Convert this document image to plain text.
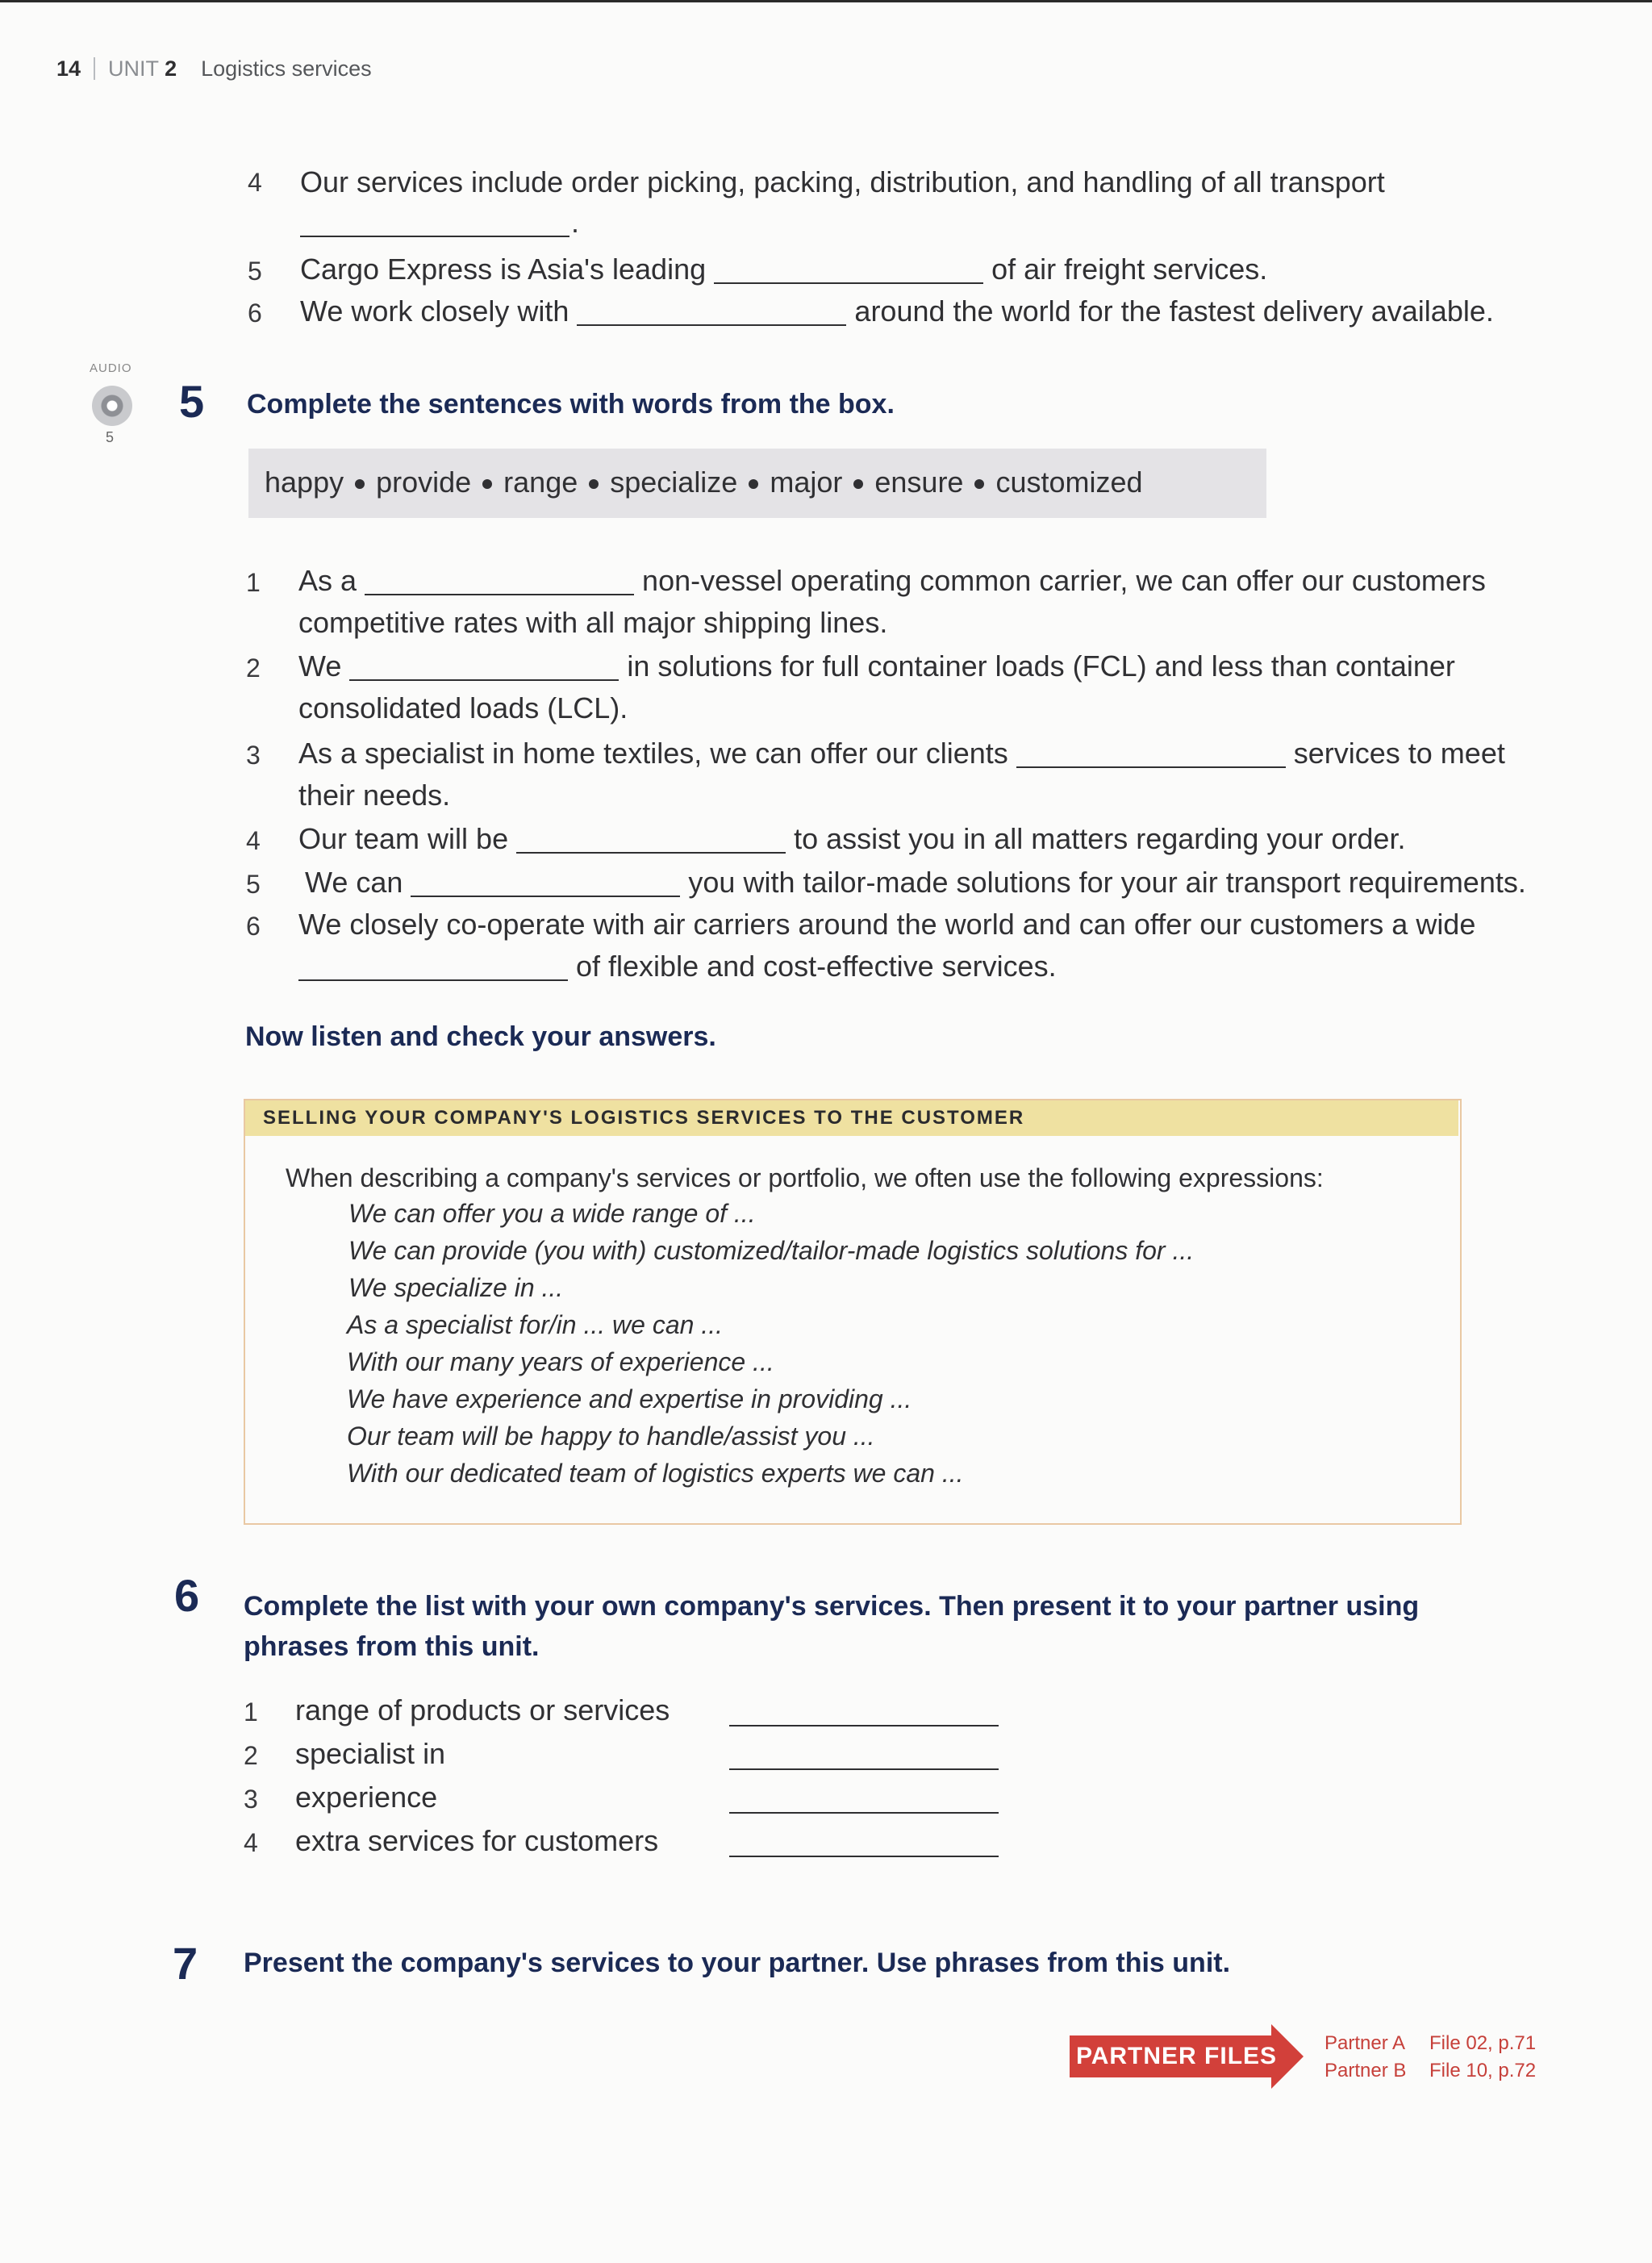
14 UNIT 2 Logistics services
4 Our services include order picking, packing, distribution, and handling of all transport
.
5 Cargo Express is Asia's leading	of air freight services.
6 We work closely with	around the world for the fastest delivery available.
AUDIO
5
5 Complete the sentences with words from the box.
happy provide range specialize major ensure customized
1 As a	non-vessel operating common carrier, we can offer our customers
competitive rates with all major shipping lines.
2 We	in solutions for full container loads (FCL) and less than container
consolidated loads (LCL).
3 As a specialist in home textiles, we can offer our clients	services to meet
their needs.
4 Our team will be	to assist you in all matters regarding your order.
5 We can	you with tailor-made solutions for your air transport requirements.
6 We closely co-operate with air carriers around the world and can offer our customers a wide
of flexible and cost-effective services.
Now listen and check your answers.
SELLING YOUR COMPANY'S LOGISTICS SERVICES TO THE CUSTOMER
When describing a company's services or portfolio, we often use the following expressions:
We can offer you a wide range of ...
We can provide (you with) customized/tailor-made logistics solutions for ...
We specialize in ...
As a specialist for/in ... we can ...
With our many years of experience ...
We have experience and expertise in providing ...
Our team will be happy to handle/assist you ...
With our dedicated team of logistics experts we can ...
6 Complete the list with your own company's services. Then present it to your partner using
phrases from this unit.
1 range of products or services
2 specialist in
3 experience
4 extra services for customers
7 Present the company's services to your partner. Use phrases from this unit.
PARTNER FILES	Partner A File 02, p.71
Partner B File 10, p.72
